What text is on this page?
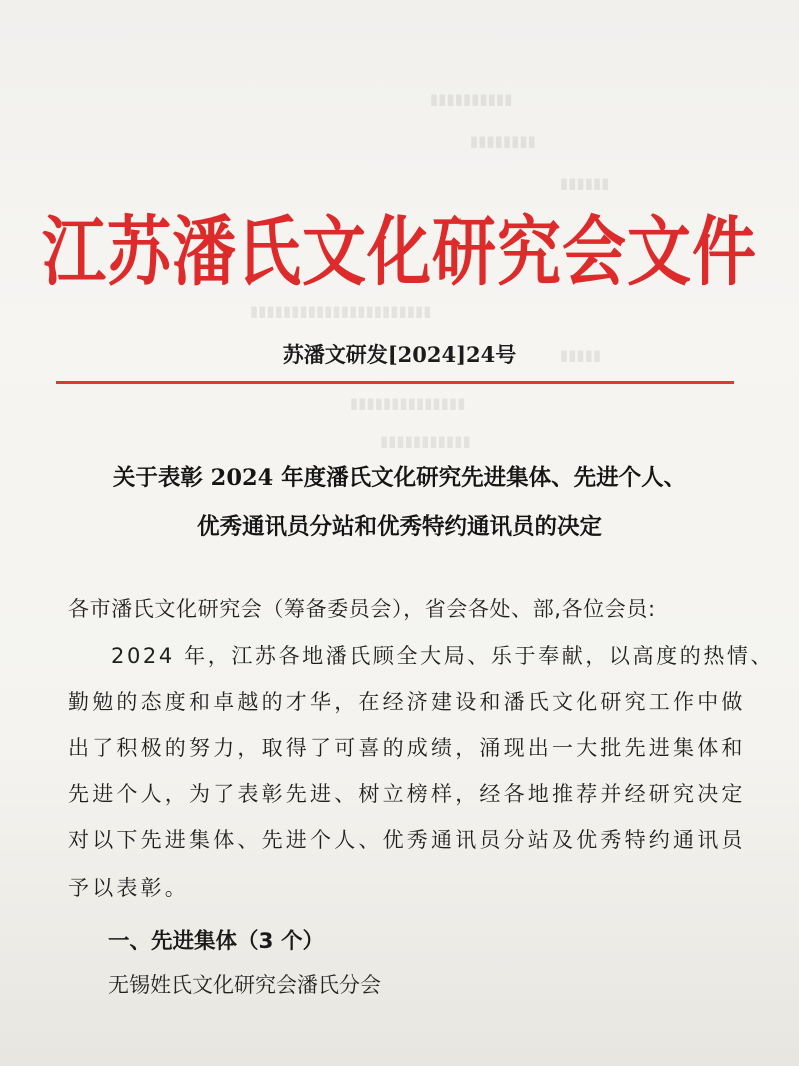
▮▮▮▮▮▮▮▮▮▮
▮▮▮▮▮▮▮▮
▮▮▮▮▮▮
▮▮▮▮▮▮▮▮▮▮▮▮▮▮▮▮▮▮▮▮▮▮
▮▮▮▮▮
▮▮▮▮▮▮▮▮▮▮▮▮▮▮
▮▮▮▮▮▮▮▮▮▮▮
江苏潘氏文化研究会文件
苏潘文研发[2024]24号
关于表彰 2024 年度潘氏文化研究先进集体、先进个人、
优秀通讯员分站和优秀特约通讯员的决定
各市潘氏文化研究会（筹备委员会），省会各处、部,各位会员:
2024 年，江苏各地潘氏顾全大局、乐于奉献，以高度的热情、
勤勉的态度和卓越的才华，在经济建设和潘氏文化研究工作中做
出了积极的努力，取得了可喜的成绩，涌现出一大批先进集体和
先进个人，为了表彰先进、树立榜样，经各地推荐并经研究决定
对以下先进集体、先进个人、优秀通讯员分站及优秀特约通讯员
予以表彰。
一、先进集体（3 个）
无锡姓氏文化研究会潘氏分会
